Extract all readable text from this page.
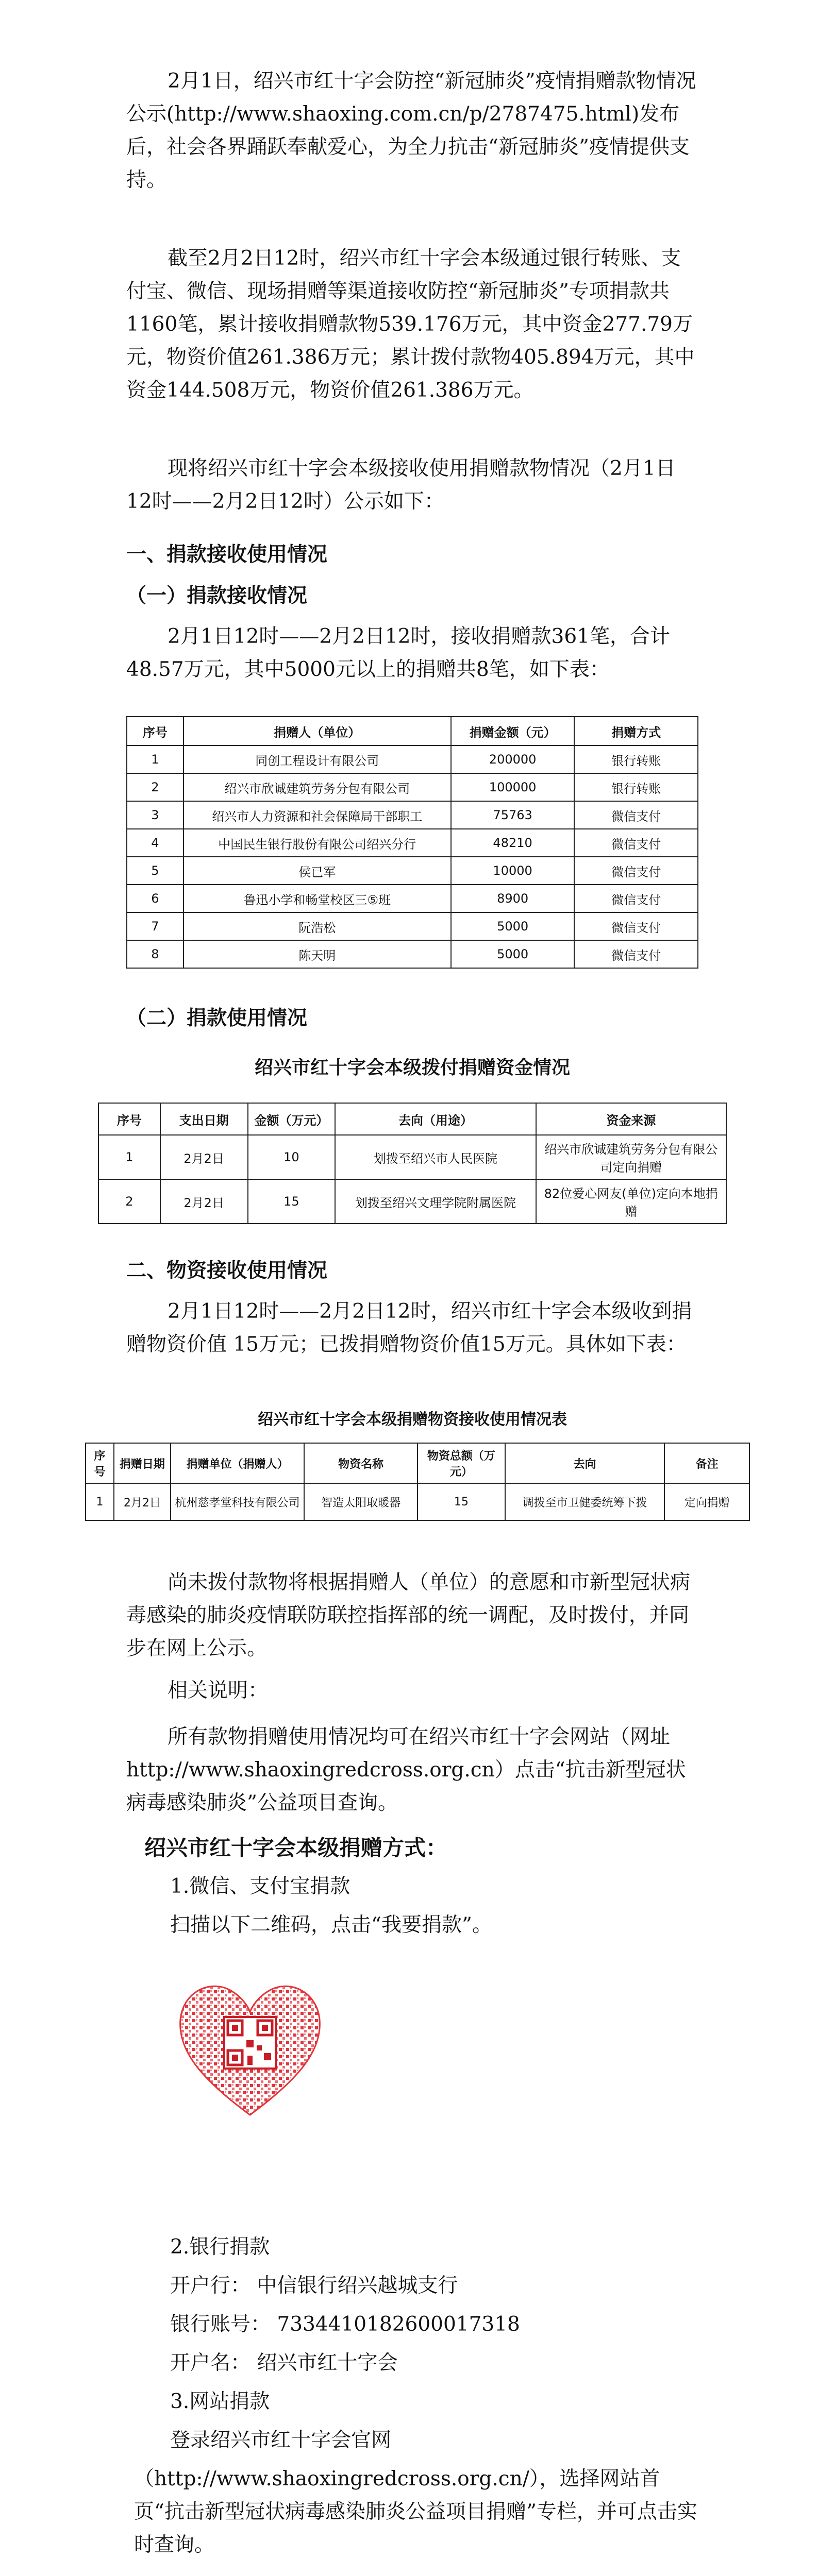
2月1日，绍兴市红十字会防控“新冠肺炎”疫情捐赠款物情况公示(http://www.shaoxing.com.cn/p/2787475.html)发布后，社会各界踊跃奉献爱心，为全力抗击“新冠肺炎”疫情提供支持。

截至2月2日12时，绍兴市红十字会本级通过银行转账、支付宝、微信、现场捐赠等渠道接收防控“新冠肺炎”专项捐款共1160笔，累计接收捐赠款物539.176万元，其中资金277.79万元，物资价值261.386万元；累计拨付款物405.894万元，其中资金144.508万元，物资价值261.386万元。

现将绍兴市红十字会本级接收使用捐赠款物情况（2月1日12时——2月2日12时）公示如下：

一、捐款接收使用情况

（一）捐款接收情况

2月1日12时——2月2日12时，接收捐赠款361笔，合计48.57万元，其中5000元以上的捐赠共8笔，如下表：

序号	捐赠人（单位）	捐赠金额（元）	捐赠方式
1	同创工程设计有限公司	200000	银行转账
2	绍兴市欣诚建筑劳务分包有限公司	100000	银行转账
3	绍兴市人力资源和社会保障局干部职工	75763	微信支付
4	中国民生银行股份有限公司绍兴分行	48210	微信支付
5	侯已军	10000	微信支付
6	鲁迅小学和畅堂校区三⑤班	8900	微信支付
7	阮浩松	5000	微信支付
8	陈天明	5000	微信支付

（二）捐款使用情况

绍兴市红十字会本级拨付捐赠资金情况
序号	支出日期	金额（万元）	去向（用途）	资金来源
1	2月2日	10	划拨至绍兴市人民医院	绍兴市欣诚建筑劳务分包有限公司定向捐赠
2	2月2日	15	划拨至绍兴文理学院附属医院	82位爱心网友(单位)定向本地捐赠

二、物资接收使用情况

2月1日12时——2月2日12时，绍兴市红十字会本级收到捐赠物资价值 15万元；已拨捐赠物资价值15万元。具体如下表：

绍兴市红十字会本级捐赠物资接收使用情况表
序号	捐赠日期	捐赠单位（捐赠人）	物资名称	物资总额（万元）	去向	备注
1	2月2日	杭州慈孝堂科技有限公司	智造太阳取暖器	15	调拨至市卫健委统筹下拨	定向捐赠

尚未拨付款物将根据捐赠人（单位）的意愿和市新型冠状病毒感染的肺炎疫情联防联控指挥部的统一调配，及时拨付，并同步在网上公示。

相关说明：

所有款物捐赠使用情况均可在绍兴市红十字会网站（网址http://www.shaoxingredcross.org.cn）点击“抗击新型冠状病毒感染肺炎”公益项目查询。

绍兴市红十字会本级捐赠方式：

1.微信、支付宝捐款

扫描以下二维码，点击“我要捐款”。

2.银行捐款

开户行： 中信银行绍兴越城支行

银行账号： 7334410182600017318

开户名： 绍兴市红十字会

3.网站捐款

登录绍兴市红十字会官网

（http://www.shaoxingredcross.org.cn/），选择网站首页“抗击新型冠状病毒感染肺炎公益项目捐赠”专栏，并可点击实时查询。
